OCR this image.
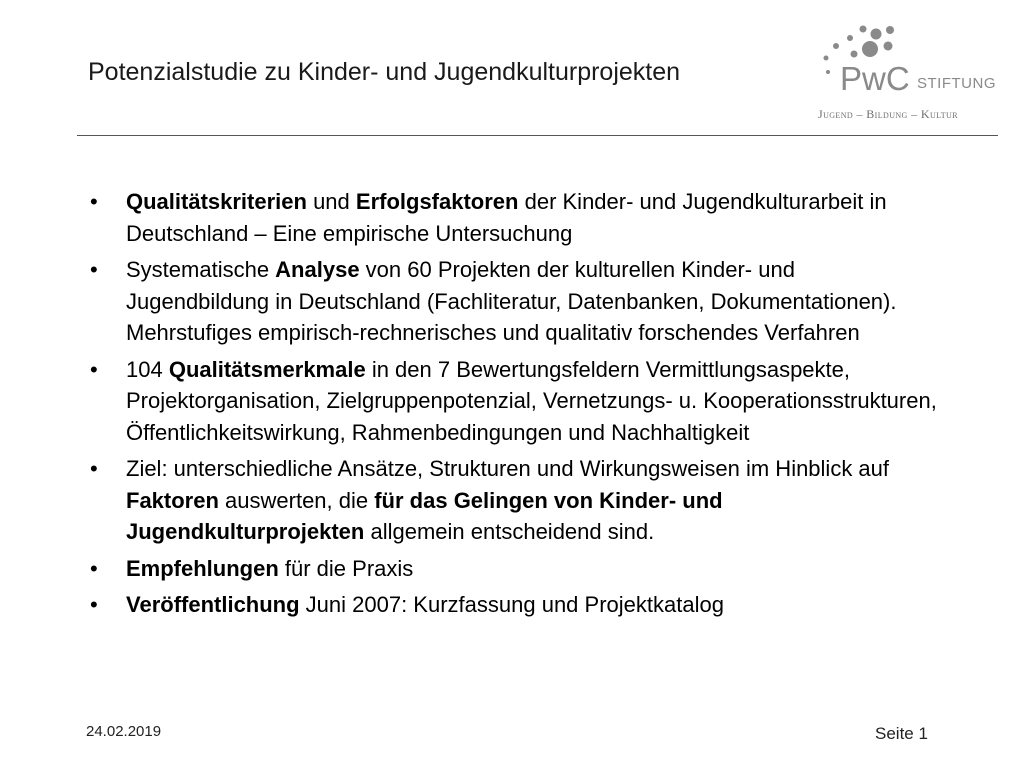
Potenzialstudie zu Kinder- und Jugendkulturprojekten	PwC STIFTUNG
Jugend – Bildung – Kultur
• Qualitätskriterien und Erfolgsfaktoren der Kinder- und Jugendkulturarbeit in Deutschland – Eine empirische Untersuchung
• Systematische Analyse von 60 Projekten der kulturellen Kinder- und Jugendbildung in Deutschland (Fachliteratur, Datenbanken, Dokumentationen). Mehrstufiges empirisch-rechnerisches und qualitativ forschendes Verfahren
• 104 Qualitätsmerkmale in den 7 Bewertungsfeldern Vermittlungsaspekte, Projektorganisation, Zielgruppenpotenzial, Vernetzungs- u. Kooperationsstrukturen, Öffentlichkeitswirkung, Rahmenbedingungen und Nachhaltigkeit
• Ziel: unterschiedliche Ansätze, Strukturen und Wirkungsweisen im Hinblick auf Faktoren auswerten, die für das Gelingen von Kinder- und Jugendkulturprojekten allgemein entscheidend sind.
• Empfehlungen für die Praxis
• Veröffentlichung Juni 2007: Kurzfassung und Projektkatalog
24.02.2019	Seite 1
